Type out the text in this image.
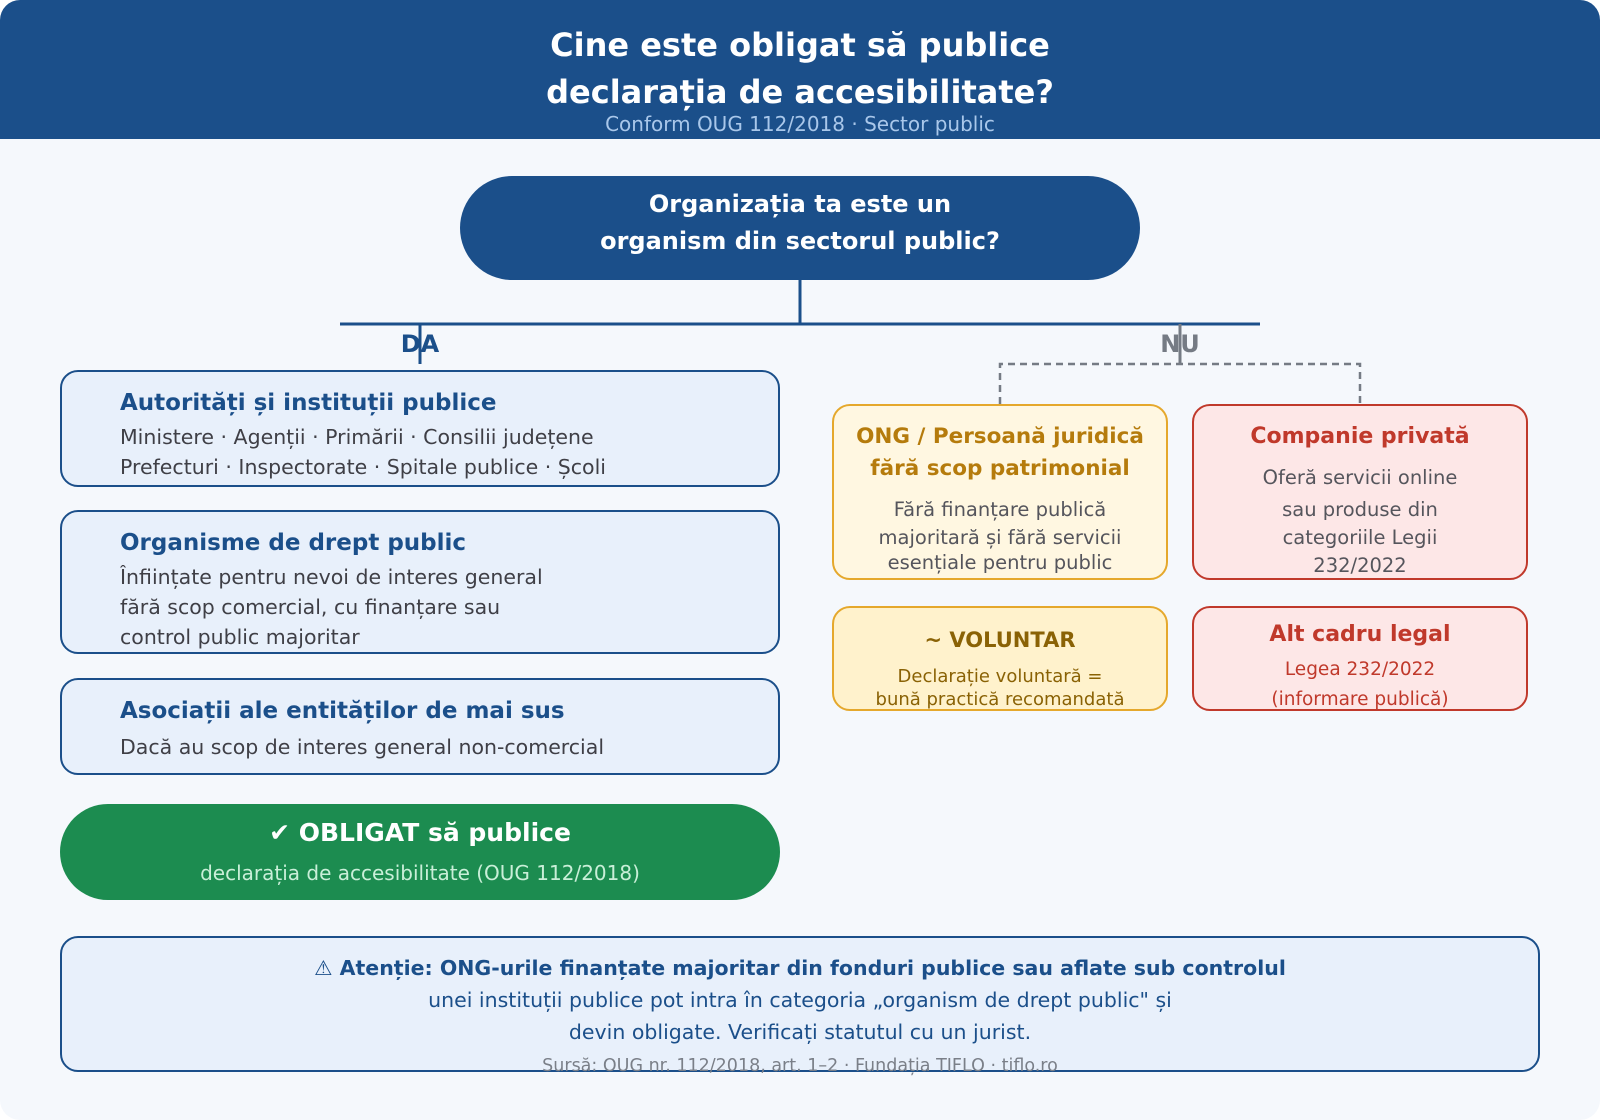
Cine este obligat să publice
declarația de accesibilitate?
Conform OUG 112/2018 · Sector public
Organizația ta este un
organism din sectorul public?
DA	NU
Autorități și instituții publice
Ministere · Agenții · Primării · Consilii județene
Prefecturi · Inspectorate · Spitale publice · Școli
Organisme de drept public
Înființate pentru nevoi de interes general
fără scop comercial, cu finanțare sau
control public majoritar
Asociații ale entităților de mai sus
Dacă au scop de interes general non-comercial
✔ OBLIGAT să publice
declarația de accesibilitate (OUG 112/2018)
ONG / Persoană juridică
fără scop patrimonial
Fără finanțare publică
majoritară și fără servicii
esențiale pentru public
Companie privată
Oferă servicii online
sau produse din
categoriile Legii
232/2022
~ VOLUNTAR
Declarație voluntară =
bună practică recomandată
Alt cadru legal
Legea 232/2022
(informare publică)
⚠ Atenție: ONG-urile finanțate majoritar din fonduri publice sau aflate sub controlul
unei instituții publice pot intra în categoria „organism de drept public" și
devin obligate. Verificați statutul cu un jurist.
Sursă: OUG nr. 112/2018, art. 1–2 · Fundația TIFLO · tiflo.ro
